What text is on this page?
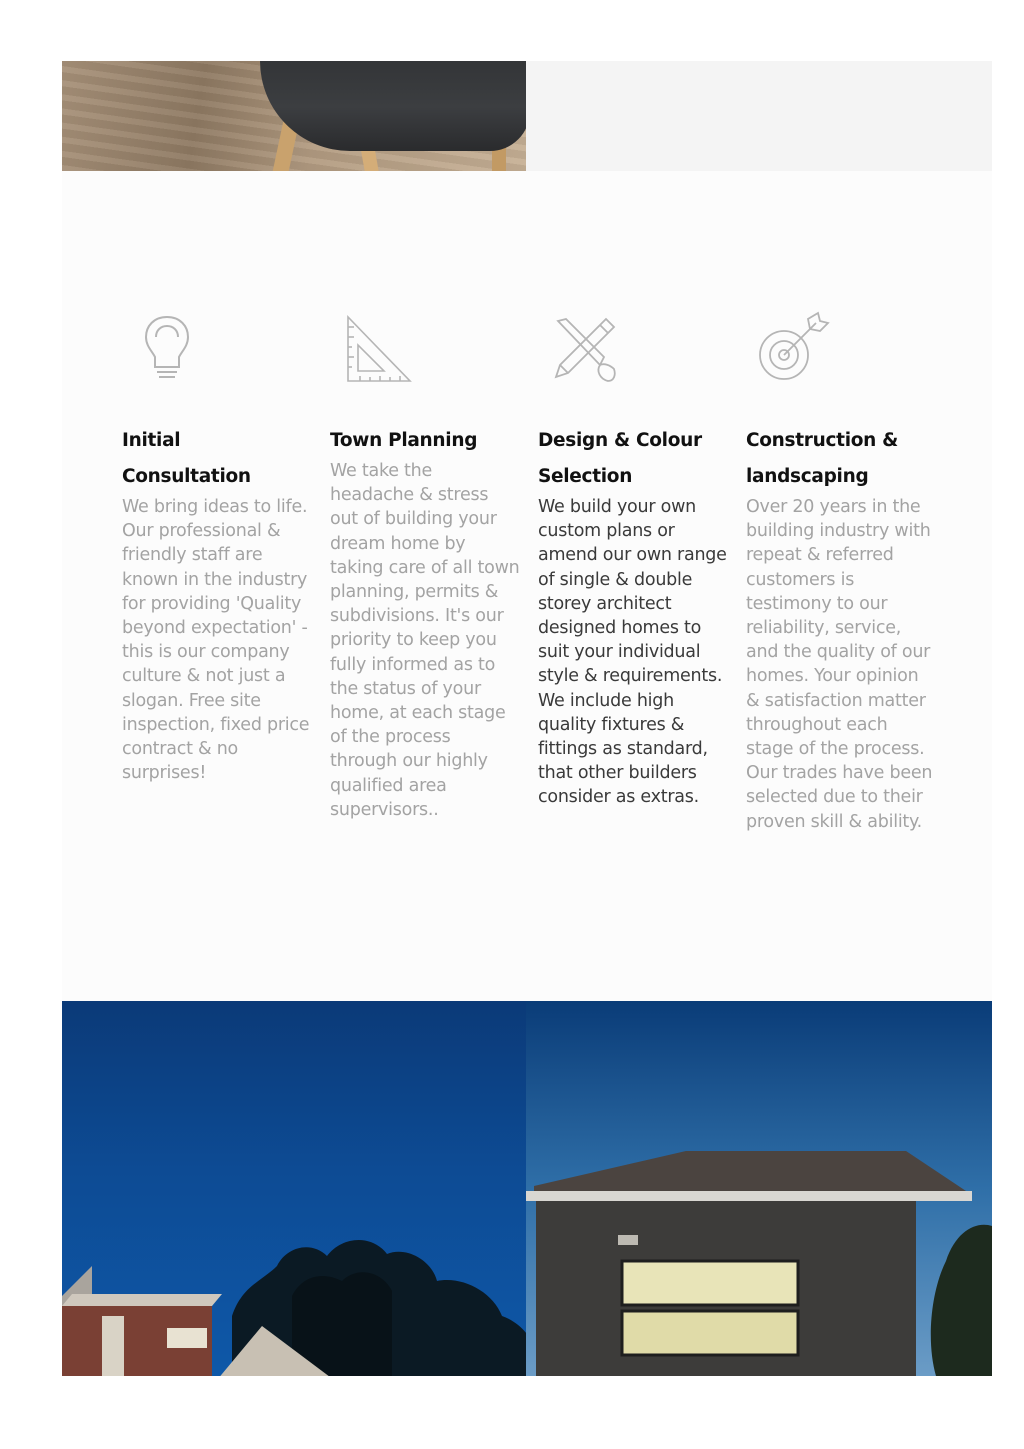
Initial Consultation

We bring ideas to life. Our professional & friendly staff are known in the industry for providing 'Quality beyond expectation' - this is our company culture & not just a slogan. Free site inspection, fixed price contract & no surprises!

Town Planning

We take the headache & stress out of building your dream home by taking care of all town planning, permits & subdivisions. It's our priority to keep you fully informed as to the status of your home, at each stage of the process through our highly qualified area supervisors..

Design & Colour Selection

We build your own custom plans or amend our own range of single & double storey architect designed homes to suit your individual style & requirements. We include high quality fixtures & fittings as standard, that other builders consider as extras.

Construction & landscaping

Over 20 years in the building industry with repeat & referred customers is testimony to our reliability, service, and the quality of our homes. Your opinion & satisfaction matter throughout each stage of the process. Our trades have been selected due to their proven skill & ability.
